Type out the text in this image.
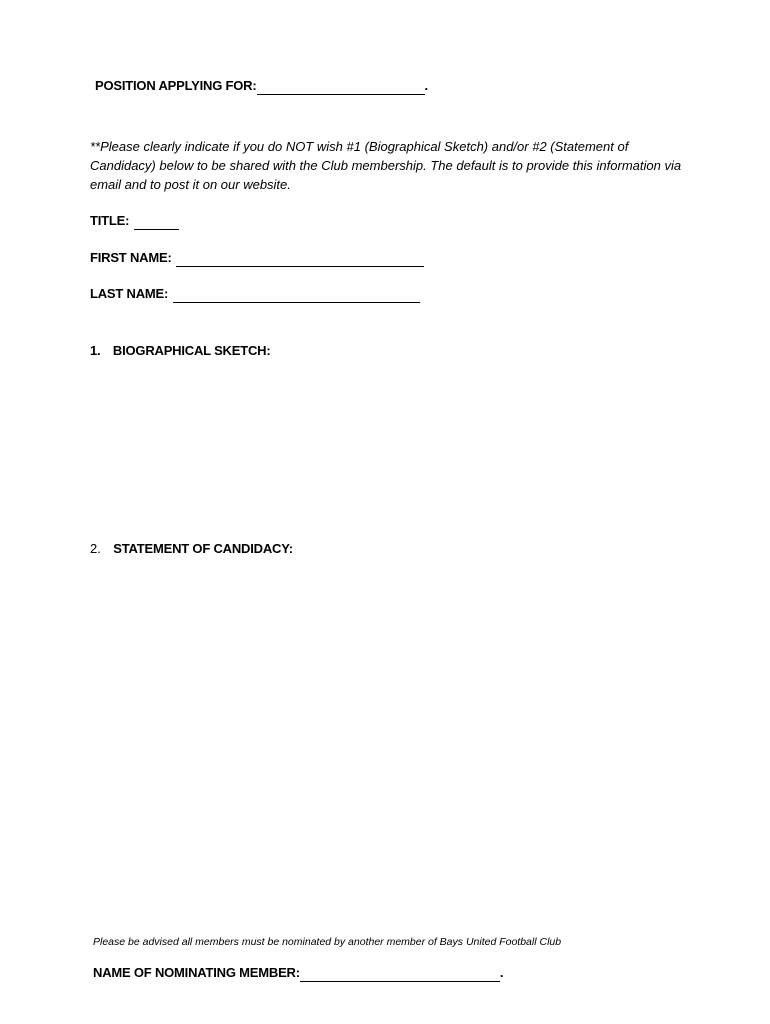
POSITION APPLYING FOR:	.
**Please clearly indicate if you do NOT wish #1 (Biographical Sketch) and/or #2 (Statement of Candidacy) below to be shared with the Club membership. The default is to provide this information via email and to post it on our website.
TITLE:
FIRST NAME:
LAST NAME:
1. BIOGRAPHICAL SKETCH:
2. STATEMENT OF CANDIDACY:
Please be advised all members must be nominated by another member of Bays United Football Club
NAME OF NOMINATING MEMBER:	.
